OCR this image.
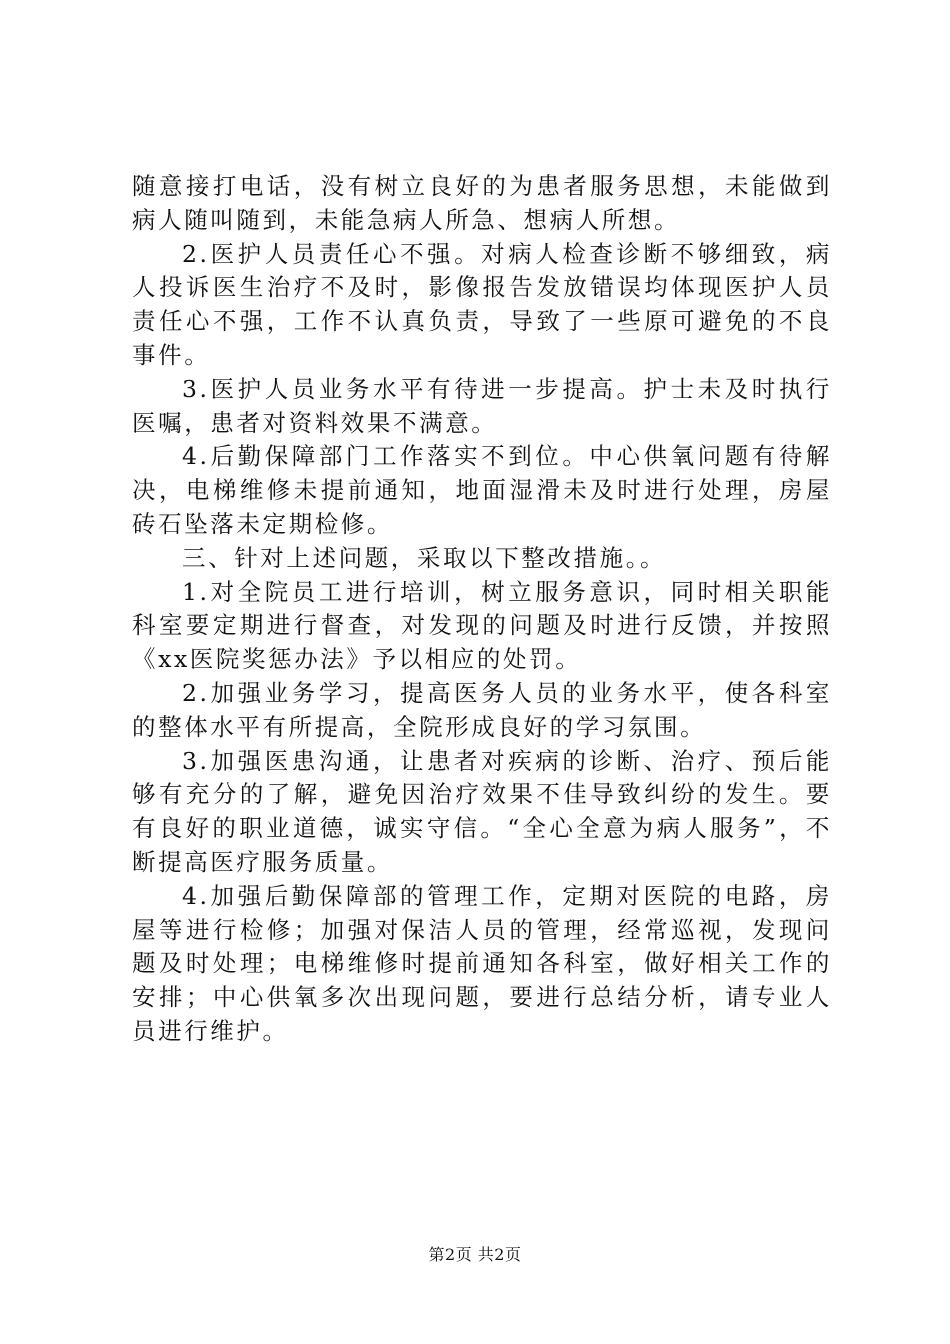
随意接打电话，没有树立良好的为患者服务思想，未能做到病人随叫随到，未能急病人所急、想病人所想。

2.医护人员责任心不强。对病人检查诊断不够细致，病人投诉医生治疗不及时，影像报告发放错误均体现医护人员责任心不强，工作不认真负责，导致了一些原可避免的不良事件。

3.医护人员业务水平有待进一步提高。护士未及时执行医嘱，患者对资料效果不满意。

4.后勤保障部门工作落实不到位。中心供氧问题有待解决，电梯维修未提前通知，地面湿滑未及时进行处理，房屋砖石坠落未定期检修。

三、针对上述问题，采取以下整改措施。。

1.对全院员工进行培训，树立服务意识，同时相关职能科室要定期进行督查，对发现的问题及时进行反馈，并按照《xx医院奖惩办法》予以相应的处罚。

2.加强业务学习，提高医务人员的业务水平，使各科室的整体水平有所提高，全院形成良好的学习氛围。

3.加强医患沟通，让患者对疾病的诊断、治疗、预后能够有充分的了解，避免因治疗效果不佳导致纠纷的发生。要有良好的职业道德，诚实守信。“全心全意为病人服务”，不断提高医疗服务质量。

4.加强后勤保障部的管理工作，定期对医院的电路，房屋等进行检修；加强对保洁人员的管理，经常巡视，发现问题及时处理；电梯维修时提前通知各科室，做好相关工作的安排；中心供氧多次出现问题，要进行总结分析，请专业人员进行维护。

第2页 共2页
